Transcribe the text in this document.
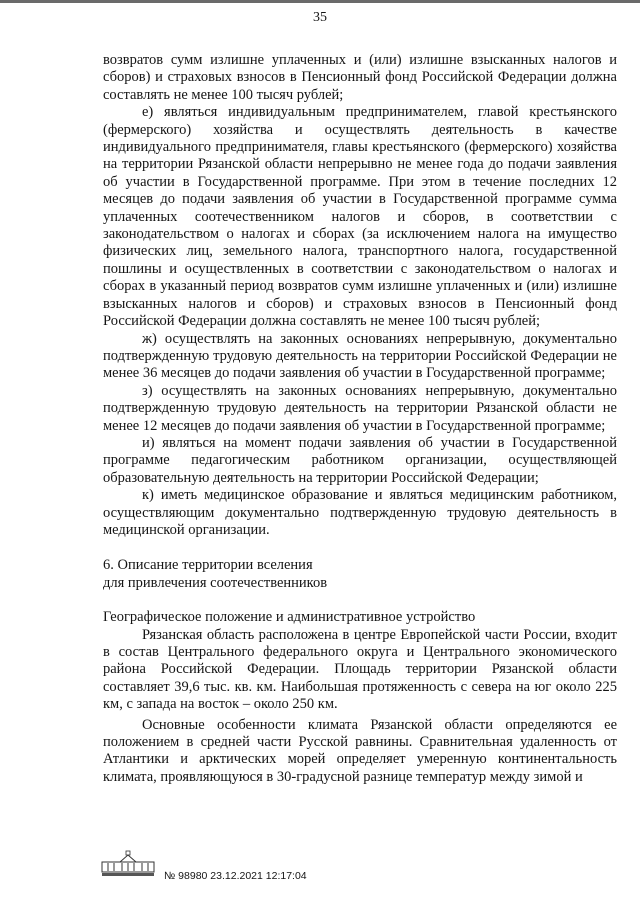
35

возвратов сумм излишне уплаченных и (или) излишне взысканных налогов и сборов) и страховых взносов в Пенсионный фонд Российской Федерации должна составлять не менее 100 тысяч рублей;

е) являться индивидуальным предпринимателем, главой крестьянского (фермерского) хозяйства и осуществлять деятельность в качестве индивидуального предпринимателя, главы крестьянского (фермерского) хозяйства на территории Рязанской области непрерывно не менее года до подачи заявления об участии в Государственной программе. При этом в течение последних 12 месяцев до подачи заявления об участии в Государственной программе сумма уплаченных соотечественником налогов и сборов, в соответствии с законодательством о налогах и сборах (за исключением налога на имущество физических лиц, земельного налога, транспортного налога, государственной пошлины и осуществленных в соответствии с законодательством о налогах и сборах в указанный период возвратов сумм излишне уплаченных и (или) излишне взысканных налогов и сборов) и страховых взносов в Пенсионный фонд Российской Федерации должна составлять не менее 100 тысяч рублей;

ж) осуществлять на законных основаниях непрерывную, документально подтвержденную трудовую деятельность на территории Российской Федерации не менее 36 месяцев до подачи заявления об участии в Государственной программе;

з) осуществлять на законных основаниях непрерывную, документально подтвержденную трудовую деятельность на территории Рязанской области не менее 12 месяцев до подачи заявления об участии в Государственной программе;

и) являться на момент подачи заявления об участии в Государственной программе педагогическим работником организации, осуществляющей образовательную деятельность на территории Российской Федерации;

к) иметь медицинское образование и являться медицинским работником, осуществляющим документально подтвержденную трудовую деятельность в медицинской организации.

6. Описание территории вселения

для привлечения соотечественников

Географическое положение и административное устройство

Рязанская область расположена в центре Европейской части России, входит в состав Центрального федерального округа и Центрального экономического района Российской Федерации. Площадь территории Рязанской области составляет 39,6 тыс. кв. км. Наибольшая протяженность с севера на юг около 225 км, с запада на восток – около 250 км.

Основные особенности климата Рязанской области определяются ее положением в средней части Русской равнины. Сравнительная удаленность от Атлантики и арктических морей определяет умеренную континентальность климата, проявляющуюся в 30-градусной разнице температур между зимой и

№ 98980 23.12.2021 12:17:04
